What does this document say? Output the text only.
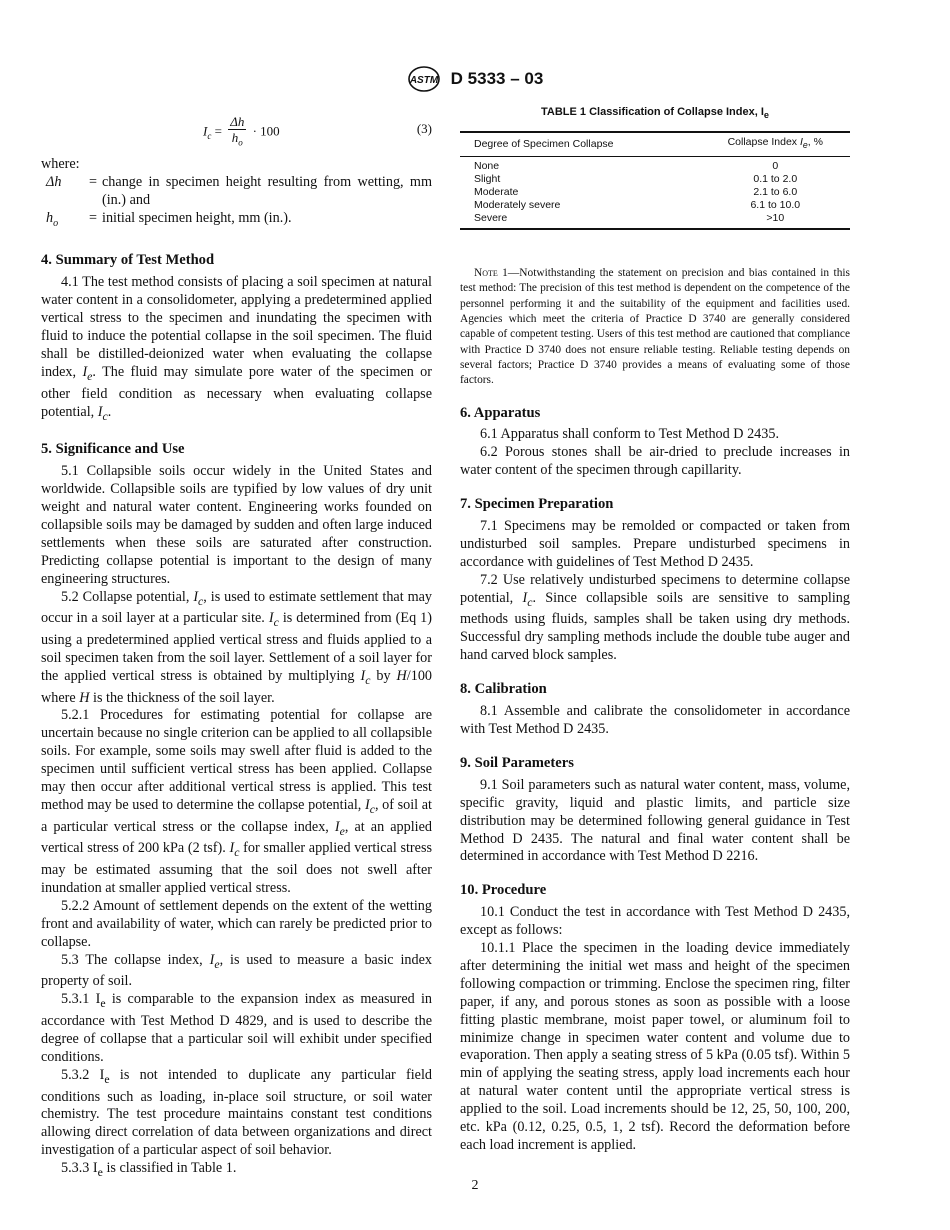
ASTM D 5333 – 03
$I_c = \frac{\Delta h}{h_o} \cdot 100$	(3)

where:

Δh	= change in specimen height resulting from wetting, mm (in.) and
$h_o$	= initial specimen height, mm (in.).
4. Summary of Test Method

4.1 The test method consists of placing a soil specimen at natural water content in a consolidometer, applying a predetermined applied vertical stress to the specimen and inundating the specimen with fluid to induce the potential collapse in the soil specimen. The fluid shall be distilled-deionized water when evaluating the collapse index, $I_e$. The fluid may simulate pore water of the specimen or other field condition as necessary when evaluating collapse potential, $I_c$.

5. Significance and Use

5.1 Collapsible soils occur widely in the United States and worldwide. Collapsible soils are typified by low values of dry unit weight and natural water content. Engineering works founded on collapsible soils may be damaged by sudden and often large induced settlements when these soils are saturated after construction. Predicting collapse potential is important to the design of many engineering structures.

5.2 Collapse potential, $I_c$, is used to estimate settlement that may occur in a soil layer at a particular site. $I_c$ is determined from (Eq 1) using a predetermined applied vertical stress and fluids applied to a soil specimen taken from the soil layer. Settlement of a soil layer for the applied vertical stress is obtained by multiplying $I_c$ by H/100 where H is the thickness of the soil layer.

5.2.1 Procedures for estimating potential for collapse are uncertain because no single criterion can be applied to all collapsible soils. For example, some soils may swell after fluid is added to the specimen until sufficient vertical stress has been applied. Collapse may then occur after additional vertical stress is applied. This test method may be used to determine the collapse potential, $I_c$, of soil at a particular vertical stress or the collapse index, $I_e$, at an applied vertical stress of 200 kPa (2 tsf). $I_c$ for smaller applied vertical stress may be estimated assuming that the soil does not swell after inundation at smaller applied vertical stress.

5.2.2 Amount of settlement depends on the extent of the wetting front and availability of water, which can rarely be predicted prior to collapse.

5.3 The collapse index, $I_e$, is used to measure a basic index property of soil.

5.3.1 $I_e$ is comparable to the expansion index as measured in accordance with Test Method D 4829, and is used to describe the degree of collapse that a particular soil will exhibit under specified conditions.

5.3.2 $I_e$ is not intended to duplicate any particular field conditions such as loading, in-place soil structure, or soil water chemistry. The test procedure maintains constant test conditions allowing direct correlation of data between organizations and direct investigation of a particular aspect of soil behavior.

5.3.3 $I_e$ is classified in Table 1.

TABLE 1 Classification of Collapse Index, $I_e$

Degree of Specimen Collapse	Collapse Index $I_e$, %
None	0
Slight	0.1 to 2.0
Moderate	2.1 to 6.0
Moderately severe	6.1 to 10.0
Severe	>10

Note 1—Notwithstanding the statement on precision and bias contained in this test method: The precision of this test method is dependent on the competence of the personnel performing it and the suitability of the equipment and facilities used. Agencies which meet the criteria of Practice D 3740 are generally considered capable of competent testing. Users of this test method are cautioned that compliance with Practice D 3740 does not ensure reliable testing. Reliable testing depends on several factors; Practice D 3740 provides a means of evaluating some of those factors.

6. Apparatus

6.1 Apparatus shall conform to Test Method D 2435.

6.2 Porous stones shall be air-dried to preclude increases in water content of the specimen through capillarity.

7. Specimen Preparation

7.1 Specimens may be remolded or compacted or taken from undisturbed soil samples. Prepare undisturbed specimens in accordance with guidelines of Test Method D 2435.

7.2 Use relatively undisturbed specimens to determine collapse potential, $I_c$. Since collapsible soils are sensitive to sampling methods using fluids, samples shall be taken using dry methods. Successful dry sampling methods include the double tube auger and hand carved block samples.

8. Calibration

8.1 Assemble and calibrate the consolidometer in accordance with Test Method D 2435.

9. Soil Parameters

9.1 Soil parameters such as natural water content, mass, volume, specific gravity, liquid and plastic limits, and particle size distribution may be determined following general guidance in Test Method D 2435. The natural and final water content shall be determined in accordance with Test Method D 2216.

10. Procedure

10.1 Conduct the test in accordance with Test Method D 2435, except as follows:

10.1.1 Place the specimen in the loading device immediately after determining the initial wet mass and height of the specimen following compaction or trimming. Enclose the specimen ring, filter paper, if any, and porous stones as soon as possible with a loose fitting plastic membrane, moist paper towel, or aluminum foil to minimize change in specimen water content and volume due to evaporation. Then apply a seating stress of 5 kPa (0.05 tsf). Within 5 min of applying the seating stress, apply load increments each hour at natural water content until the appropriate vertical stress is applied to the soil. Load increments should be 12, 25, 50, 100, 200, etc. kPa (0.12, 0.25, 0.5, 1, 2 tsf). Record the deformation before each load increment is applied.

2
